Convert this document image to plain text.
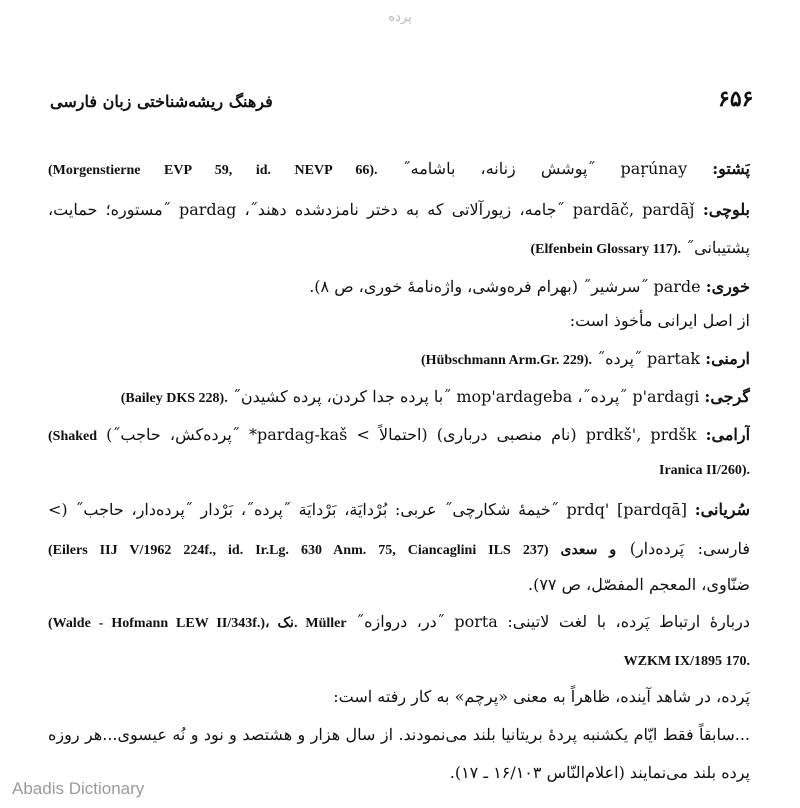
پرده
۶۵۶
فرهنگ ریشه‌شناختی زبان فارسی
پَشتو: paṛúnay ˝پوشش زنانه، باشامه˝ (Morgenstierne EVP 59, id. NEVP 66).
بلوچی: pardāč, pardāǰ ˝جامه، زیورآلاتی که به دختر نامزدشده دهند˝، pardag ˝مستوره؛ حمایت،
پشتیبانی˝ (Elfenbein Glossary 117).
خوری: parde ˝سرشیر˝ (بهرام فره‌وشی، واژه‌نامهٔ خوری، ص ۸).
از اصل ایرانی مأخوذ است:
ارمنی: partak ˝پرده˝ (Hübschmann Arm.Gr. 229).
گرجی: p'ardagi ˝پرده˝، mop'ardageba ˝با پرده جدا کردن، پرده کشیدن˝ (Bailey DKS 228).
آرامی: prdkš', prdšk (نام منصبی درباری) (احتمالاً > pardag-kaš* ˝پرده‌کش، حاجب˝) (Shaked
Iranica II/260).
سُریانی: prdq' [pardqā] ˝خیمهٔ شکارچی˝ عربی: بُرْدایَة، بَرْدایَة ˝پرده˝، بَرْدار ˝پرده‌دار، حاجب˝ (>
فارسی: پَرده‌دار) (Eilers IIJ V/1962 224f., id. Ir.Lg. 630 Anm. 75, Ciancaglini ILS 237) و سعدی
ضنّاوی، المعجم المفصّل، ص ۷۷).
دربارهٔ ارتباط پَرده، با لغت لاتینی: porta ˝در، دروازه˝ (Walde - Hofmann LEW II/343f.)، نک. Müller
WZKM IX/1895 170.
پَرده، در شاهد آینده، ظاهراً به معنی «پرچم» به کار رفته است:
...سابقاً فقط ایّام یکشنبه پردهٔ بریتانیا بلند می‌نمودند. از سال هزار و هشتصد و نود و نُه عیسوی...هر روزه
پرده بلند می‌نمایند (اعلام‌النّاس ۱۶/۱۰۳ ـ ۱۷).
Abadis Dictionary
